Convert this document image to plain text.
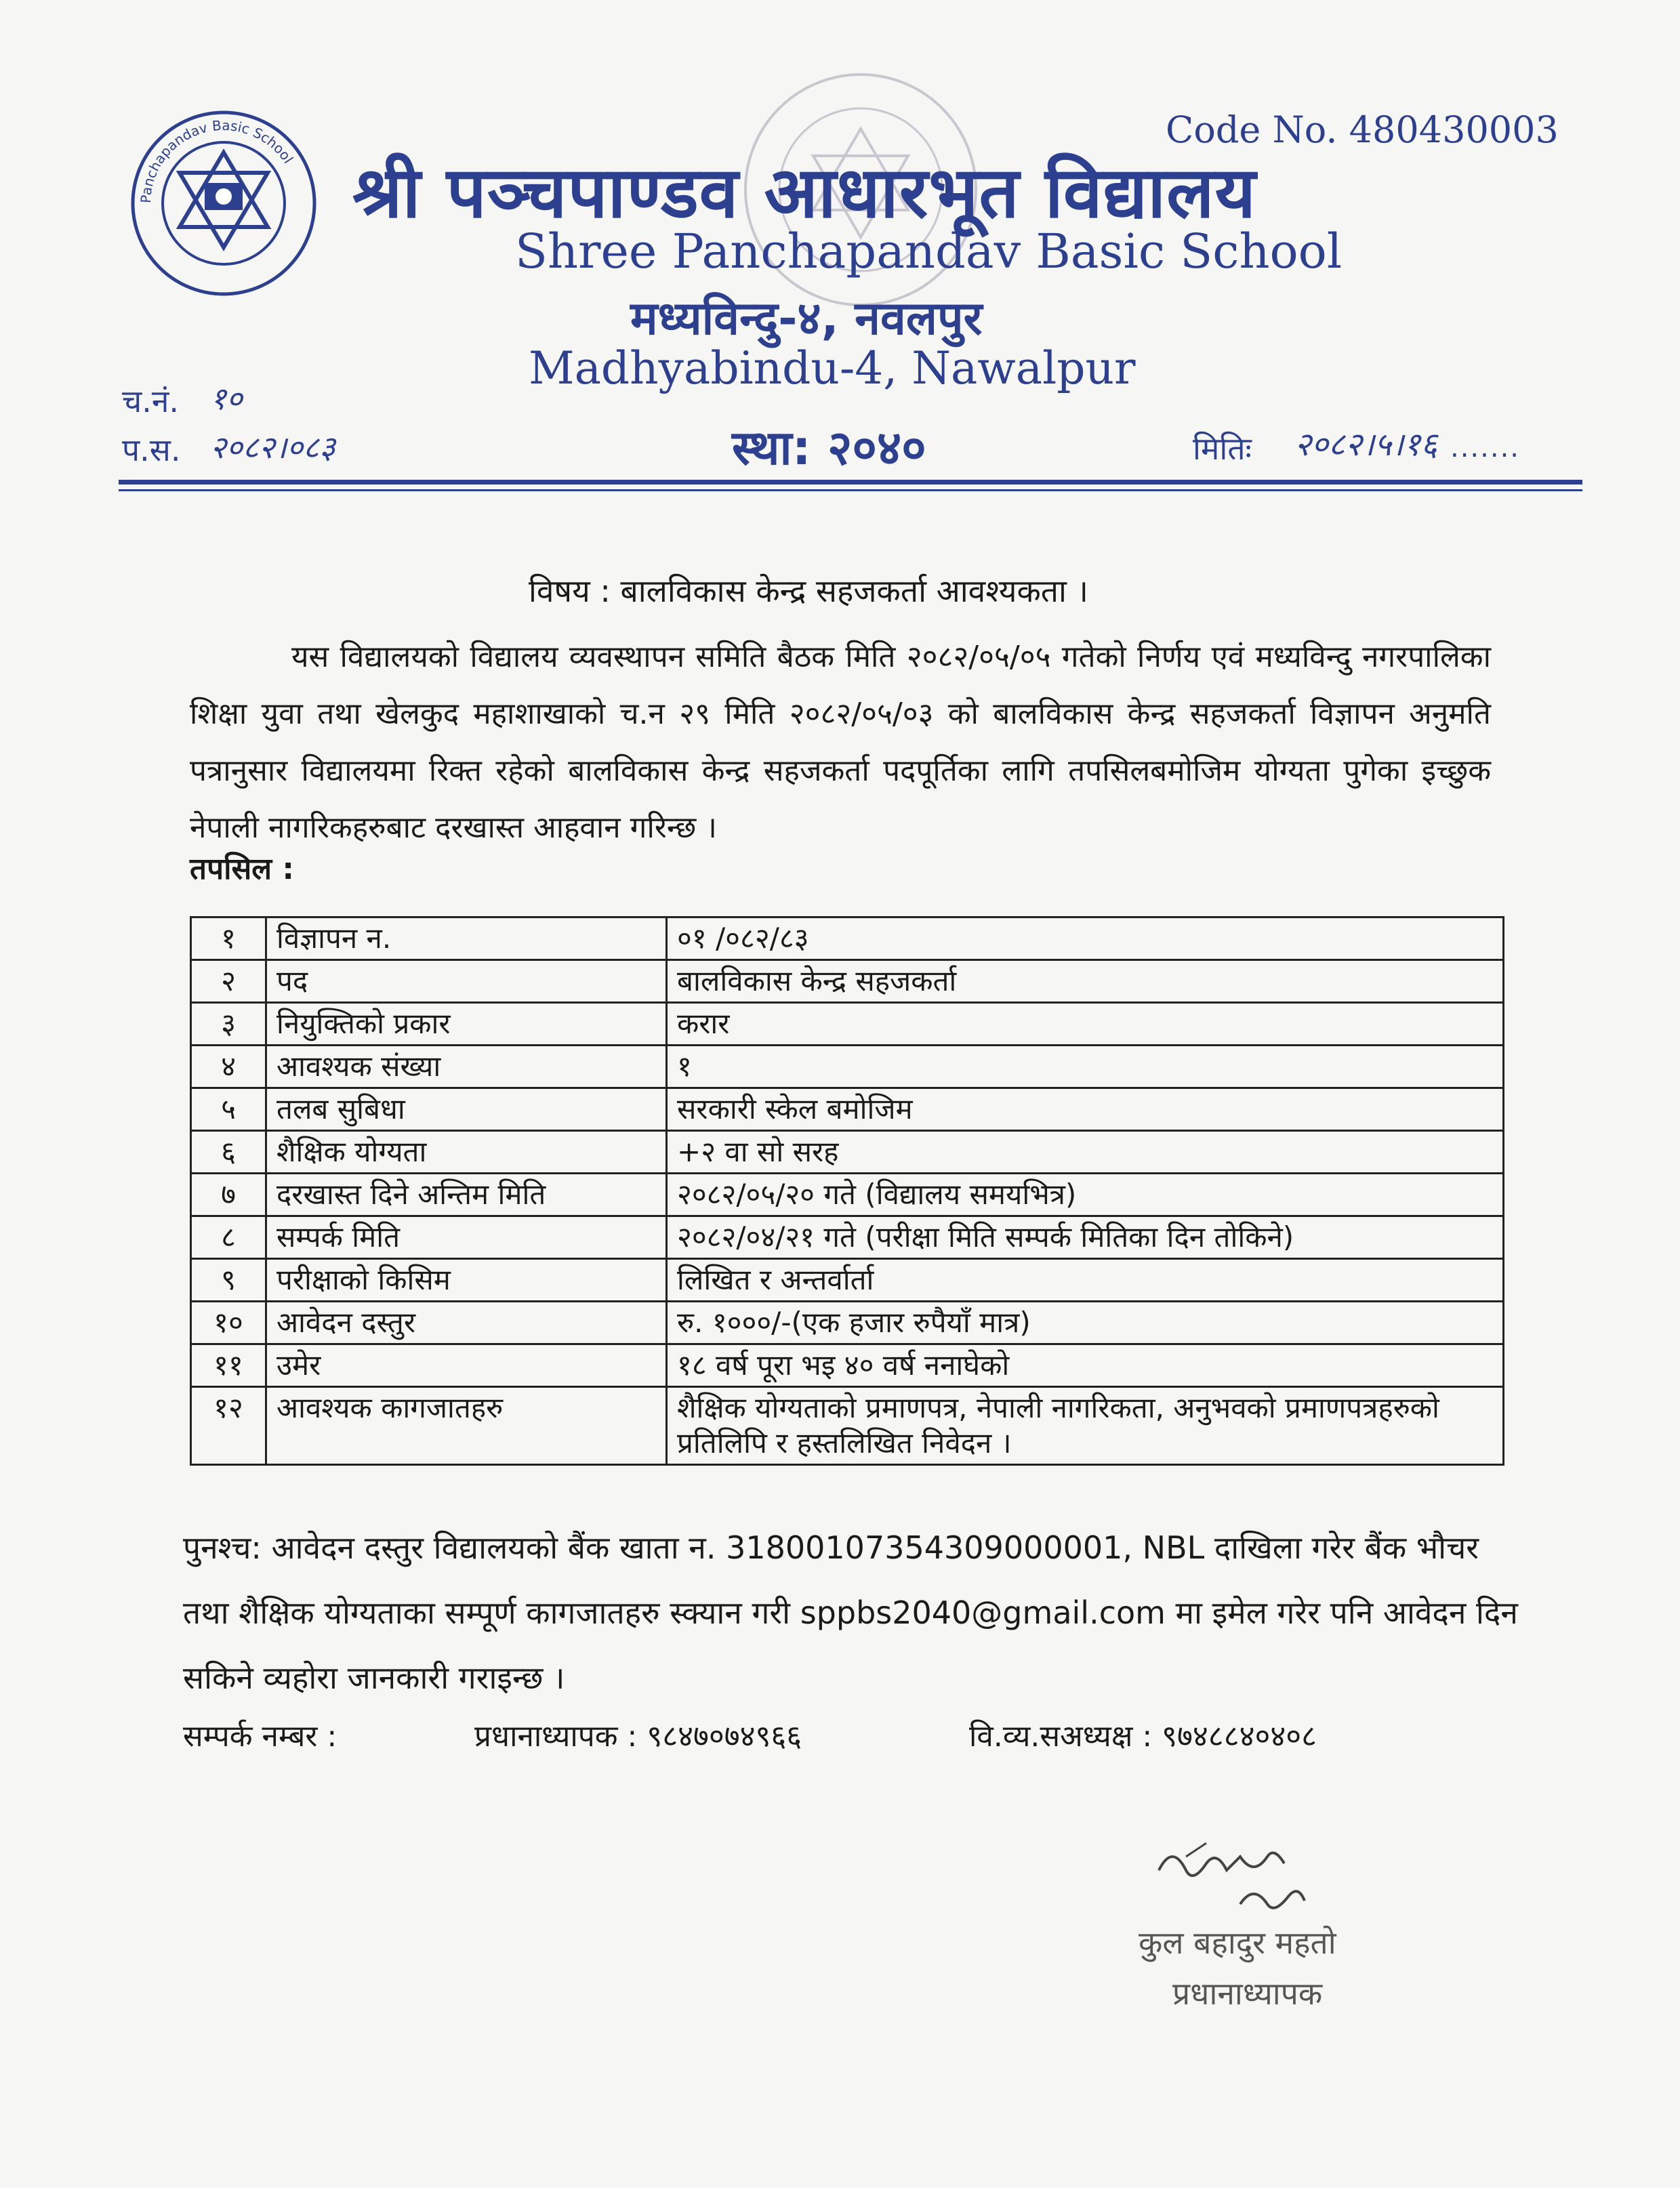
Panchapandav Basic School
Code No. 480430003
श्री पञ्चपाण्डव आधारभूत विद्यालय
Shree Panchapandav Basic School
मध्यविन्दु-४, नवलपुर
Madhyabindu-4, Nawalpur
च.नं. १०
प.स. २०८२।०८३	स्था: २०४०	मितिः २०८२।५।१६ .......
विषय : बालविकास केन्द्र सहजकर्ता आवश्यकता ।
यस विद्यालयको विद्यालय व्यवस्थापन समिति बैठक मिति २०८२/०५/०५ गतेको निर्णय एवं मध्यविन्दु नगरपालिका शिक्षा युवा तथा खेलकुद महाशाखाको च.न २९ मिति २०८२/०५/०३ को बालविकास केन्द्र सहजकर्ता विज्ञापन अनुमति पत्रानुसार विद्यालयमा रिक्त रहेको बालविकास केन्द्र सहजकर्ता पदपूर्तिका लागि तपसिलबमोजिम योग्यता पुगेका इच्छुक नेपाली नागरिकहरुबाट दरखास्त आहवान गरिन्छ ।
तपसिल :
१	विज्ञापन न.	०१ /०८२/८३
२	पद	बालविकास केन्द्र सहजकर्ता
३	नियुक्तिको प्रकार	करार
४	आवश्यक संख्या	१
५	तलब सुबिधा	सरकारी स्केल बमोजिम
६	शैक्षिक योग्यता	+२ वा सो सरह
७	दरखास्त दिने अन्तिम मिति	२०८२/०५/२० गते (विद्यालय समयभित्र)
८	सम्पर्क मिति	२०८२/०४/२१ गते (परीक्षा मिति सम्पर्क मितिका दिन तोकिने)
९	परीक्षाको किसिम	लिखित र अन्तर्वार्ता
१०	आवेदन दस्तुर	रु. १०००/-(एक हजार रुपैयाँ मात्र)
११	उमेर	१८ वर्ष पूरा भइ ४० वर्ष ननाघेको
१२	आवश्यक कागजातहरु	शैक्षिक योग्यताको प्रमाणपत्र, नेपाली नागरिकता, अनुभवको प्रमाणपत्रहरुको प्रतिलिपि र हस्तलिखित निवेदन ।
पुनश्च: आवेदन दस्तुर विद्यालयको बैंक खाता न. 3180010735430900000‌1, NBL दाखिला गरेर बैंक भौचर तथा शैक्षिक योग्यताका सम्पूर्ण कागजातहरु स्क्यान गरी sppbs2040@gmail.com मा इमेल गरेर पनि आवेदन दिन सकिने व्यहोरा जानकारी गराइन्छ ।
सम्पर्क नम्बर :	प्रधानाध्यापक : ९८४७०७४९६६	वि.व्य.सअध्यक्ष : ९७४८८४०४०८
कुल बहादुर महतो
प्रधानाध्यापक
